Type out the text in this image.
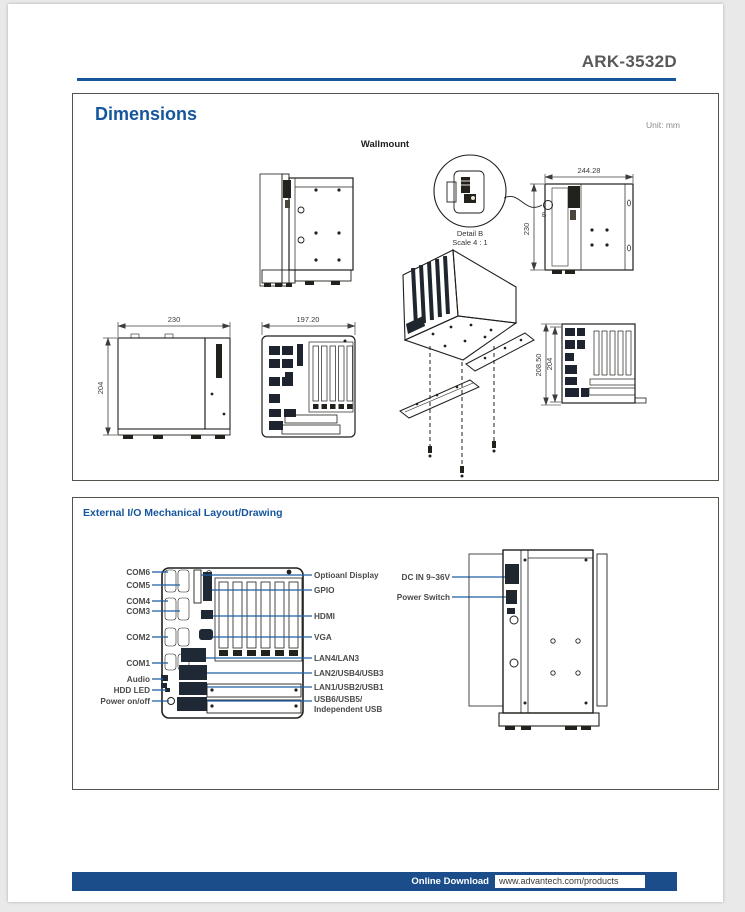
ARK-3532D
Dimensions
Unit: mm
Wallmount
Detail B
Scale 4 : 1
244.28
230
B
230
204
197.20
208.50 204
External I/O Mechanical Layout/Drawing
COM6
COM5
COM4
COM3
COM2
COM1
Audio
HDD LED
Power on/off
Optioanl Display
GPIO
HDMI
VGA
LAN4/LAN3
LAN2/USB4/USB3
LAN1/USB2/USB1
USB6/USB5/
Independent USB
DC IN 9~36V
Power Switch
Online Download	www.advantech.com/products
